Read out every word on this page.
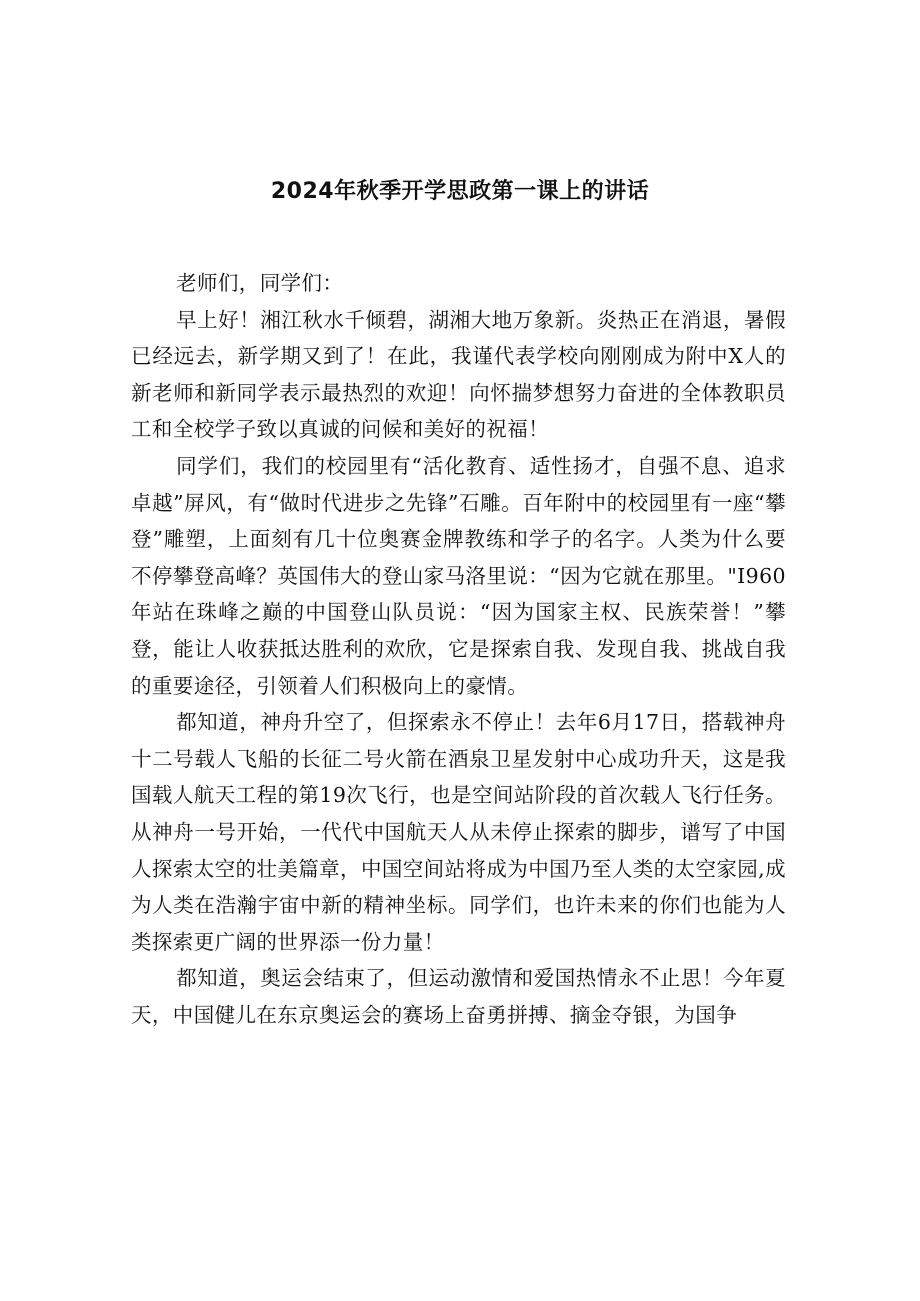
2024年秋季开学思政第一课上的讲话

老师们，同学们：

早上好！湘江秋水千倾碧，湖湘大地万象新。炎热正在消退，暑假已经远去，新学期又到了！在此，我谨代表学校向刚刚成为附中X人的新老师和新同学表示最热烈的欢迎！向怀揣梦想努力奋进的全体教职员工和全校学子致以真诚的问候和美好的祝福！

同学们，我们的校园里有“活化教育、适性扬才，自强不息、追求卓越”屏风，有“做时代进步之先锋”石雕。百年附中的校园里有一座“攀登”雕塑，上面刻有几十位奥赛金牌教练和学子的名字。人类为什么要不停攀登高峰？英国伟大的登山家马洛里说：“因为它就在那里。"I960年站在珠峰之巅的中国登山队员说：“因为国家主权、民族荣誉！”攀登，能让人收获抵达胜利的欢欣，它是探索自我、发现自我、挑战自我的重要途径，引领着人们积极向上的豪情。

都知道，神舟升空了，但探索永不停止！去年6月17日，搭载神舟十二号载人飞船的长征二号火箭在酒泉卫星发射中心成功升天，这是我国载人航天工程的第19次飞行，也是空间站阶段的首次载人飞行任务。从神舟一号开始，一代代中国航天人从未停止探索的脚步，谱写了中国人探索太空的壮美篇章，中国空间站将成为中国乃至人类的太空家园,成为人类在浩瀚宇宙中新的精神坐标。同学们，也许未来的你们也能为人类探索更广阔的世界添一份力量！

都知道，奥运会结束了，但运动激情和爱国热情永不止思！今年夏天，中国健儿在东京奥运会的赛场上奋勇拼搏、摘金夺银，为国争
